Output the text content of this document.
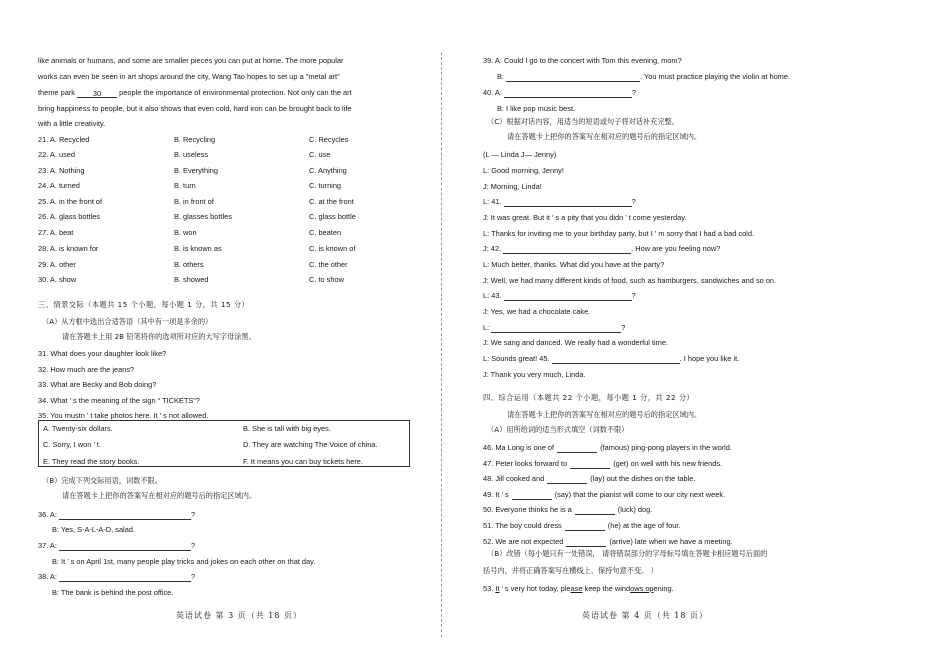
like animals or humans, and some are smaller pieces you can put at home. The more popular
works can even be seen in art shops around the city, Wang Tao hopes to set up a "metal art"
theme park 30 people the importance of environmental protection. Not only can the art
bring happiness to people, but it also shows that even cold, hard iron can be brought back to life
with a little creativity.
21. A. Recycled	B. Recycling	C. Recycles
22. A. used	B. useless	C. use
23. A. Nothing	B. Everything	C. Anything
24. A. turned	B. turn	C. turning
25. A. in the front of	B. in front of	C. at the front
26. A. glass bottles	B. glasses bottles	C. glass bottle
27. A. beat	B. won	C. beaten
28. A. is known for	B. is known as	C. is known of
29. A. other	B. others	C. the other
30. A. show	B. showed	C. to show
三、情景交际（本题共 15 个小题，每小题 1 分，共 15 分）
（A）从方框中选出合适答语（其中有一项是多余的）
请在答题卡上用 2B 铅笔将你的选项所对应的大写字母涂黑。
31. What does your daughter look like?
32. How much are the jeans?
33. What are Becky and Bob doing?
34. What ’ s the meaning of the sign “ TICKETS”?
35. You mustn ’ t take photos here. It ’ s not allowed.
A. Twenty-six dollars.	B. She is tall with big eyes.
C. Sorry, I won ’ t.	D. They are watching The Voice of china.
E. They read the story books.	F. It means you can buy tickets here.
（B）完成下列交际用语，词数不限。
请在答题卡上把你的答案写在相对应的题号后的指定区域内。
36. A:	?
B: Yes, S-A-L-A-D, salad.
37. A:	?
B: It ’ s on April 1st, many people play tricks and jokes on each other on that day.
38. A:	?
B: The bank is behind the post office.
英语试卷 第 3 页（共 18 页）
39. A: Could I go to the concert with Tom this evening, mom?
B:	. You must practice playing the violin at home.
40. A:	?
B: I like pop music best.
（C）根据对话内容，用适当的短语或句子将对话补充完整。
请在答题卡上把你的答案写在相对应的题号后的指定区域内。
(L — Linda J— Jenny)
L: Good morning, Jenny!
J: Morning, Linda!
L: 41.	?
J: It was great. But it ’ s a pity that you didn ’ t come yesterday.
L: Thanks for inviting me to your birthday party, but I ’ m sorry that I had a bad cold.
J: 42.	. How are you feeling now?
L: Much better, thanks. What did you have at the party?
J: Well, we had many different kinds of food, such as hamburgers, sandwiches and so on.
L: 43.	?
J: Yes, we had a chocolate cake.
L:	?
J: We sang and danced. We really had a wonderful time.
L: Sounds great! 45.	. I hope you like it.
J: Thank you very much, Linda.
四、综合运用（本题共 22 个小题，每小题 1 分，共 22 分）
请在答题卡上把你的答案写在相对应的题号后的指定区域内。
（A）用所给词的适当形式填空（词数不限）
46. Ma Long is one of	(famous) ping-pong players in the world.
47. Peter looks forward to	(get) on well with his new friends.
48. Jill cooked and	(lay) out the dishes on the table.
49. It ’ s	(say) that the pianist will come to our city next week.
50. Everyone thinks he is a	(luck) dog.
51. The boy could dress	(he) at the age of four.
52. We are not expected	(arrive) late when we have a meeting.
（B）改错（每小题只有一处错误， 请将错误部分的字母标号填在答题卡相应题号后面的
括号内，并将正确答案写在横线上，保持句意不变。 ）
53. It ’ s very hot today, please keep the windows opening.
英语试卷 第 4 页（共 18 页）
